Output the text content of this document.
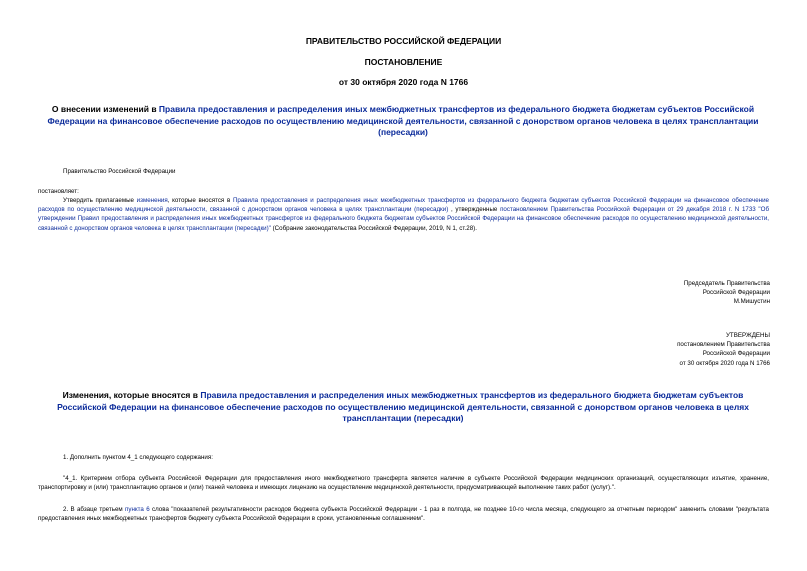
ПРАВИТЕЛЬСТВО РОССИЙСКОЙ ФЕДЕРАЦИИ
ПОСТАНОВЛЕНИЕ
от 30 октября 2020 года N 1766
О внесении изменений в Правила предоставления и распределения иных межбюджетных трансфертов из федерального бюджета бюджетам субъектов Российской Федерации на финансовое обеспечение расходов по осуществлению медицинской деятельности, связанной с донорством органов человека в целях трансплантации (пересадки)
Правительство Российской Федерации
постановляет:
Утвердить прилагаемые изменения, которые вносятся в Правила предоставления и распределения иных межбюджетных трансфертов из федерального бюджета бюджетам субъектов Российской Федерации на финансовое обеспечение расходов по осуществлению медицинской деятельности, связанной с донорством органов человека в целях трансплантации (пересадки) , утвержденные постановлением Правительства Российской Федерации от 29 декабря 2018 г. N 1733 "Об утверждении Правил предоставления и распределения иных межбюджетных трансфертов из федерального бюджета бюджетам субъектов Российской Федерации на финансовое обеспечение расходов по осуществлению медицинской деятельности, связанной с донорством органов человека в целях трансплантации (пересадки)" (Собрание законодательства Российской Федерации, 2019, N 1, ст.28).
Председатель Правительства
Российской Федерации
М.Мишустин
УТВЕРЖДЕНЫ
постановлением Правительства
Российской Федерации
от 30 октября 2020 года N 1766
Изменения, которые вносятся в Правила предоставления и распределения иных межбюджетных трансфертов из федерального бюджета бюджетам субъектов Российской Федерации на финансовое обеспечение расходов по осуществлению медицинской деятельности, связанной с донорством органов человека в целях трансплантации (пересадки)
1. Дополнить пунктом 4_1 следующего содержания:
"4_1. Критерием отбора субъекта Российской Федерации для предоставления иного межбюджетного трансферта является наличие в субъекте Российской Федерации медицинских организаций, осуществляющих изъятие, хранение, транспортировку и (или) трансплантацию органов и (или) тканей человека и имеющих лицензию на осуществление медицинской деятельности, предусматривающей выполнение таких работ (услуг).".
2. В абзаце третьем пункта 6 слова "показателей результативности расходов бюджета субъекта Российской Федерации - 1 раз в полгода, не позднее 10-го числа месяца, следующего за отчетным периодом" заменить словами "результата предоставления иных межбюджетных трансфертов бюджету субъекта Российской Федерации в сроки, установленные соглашением".
